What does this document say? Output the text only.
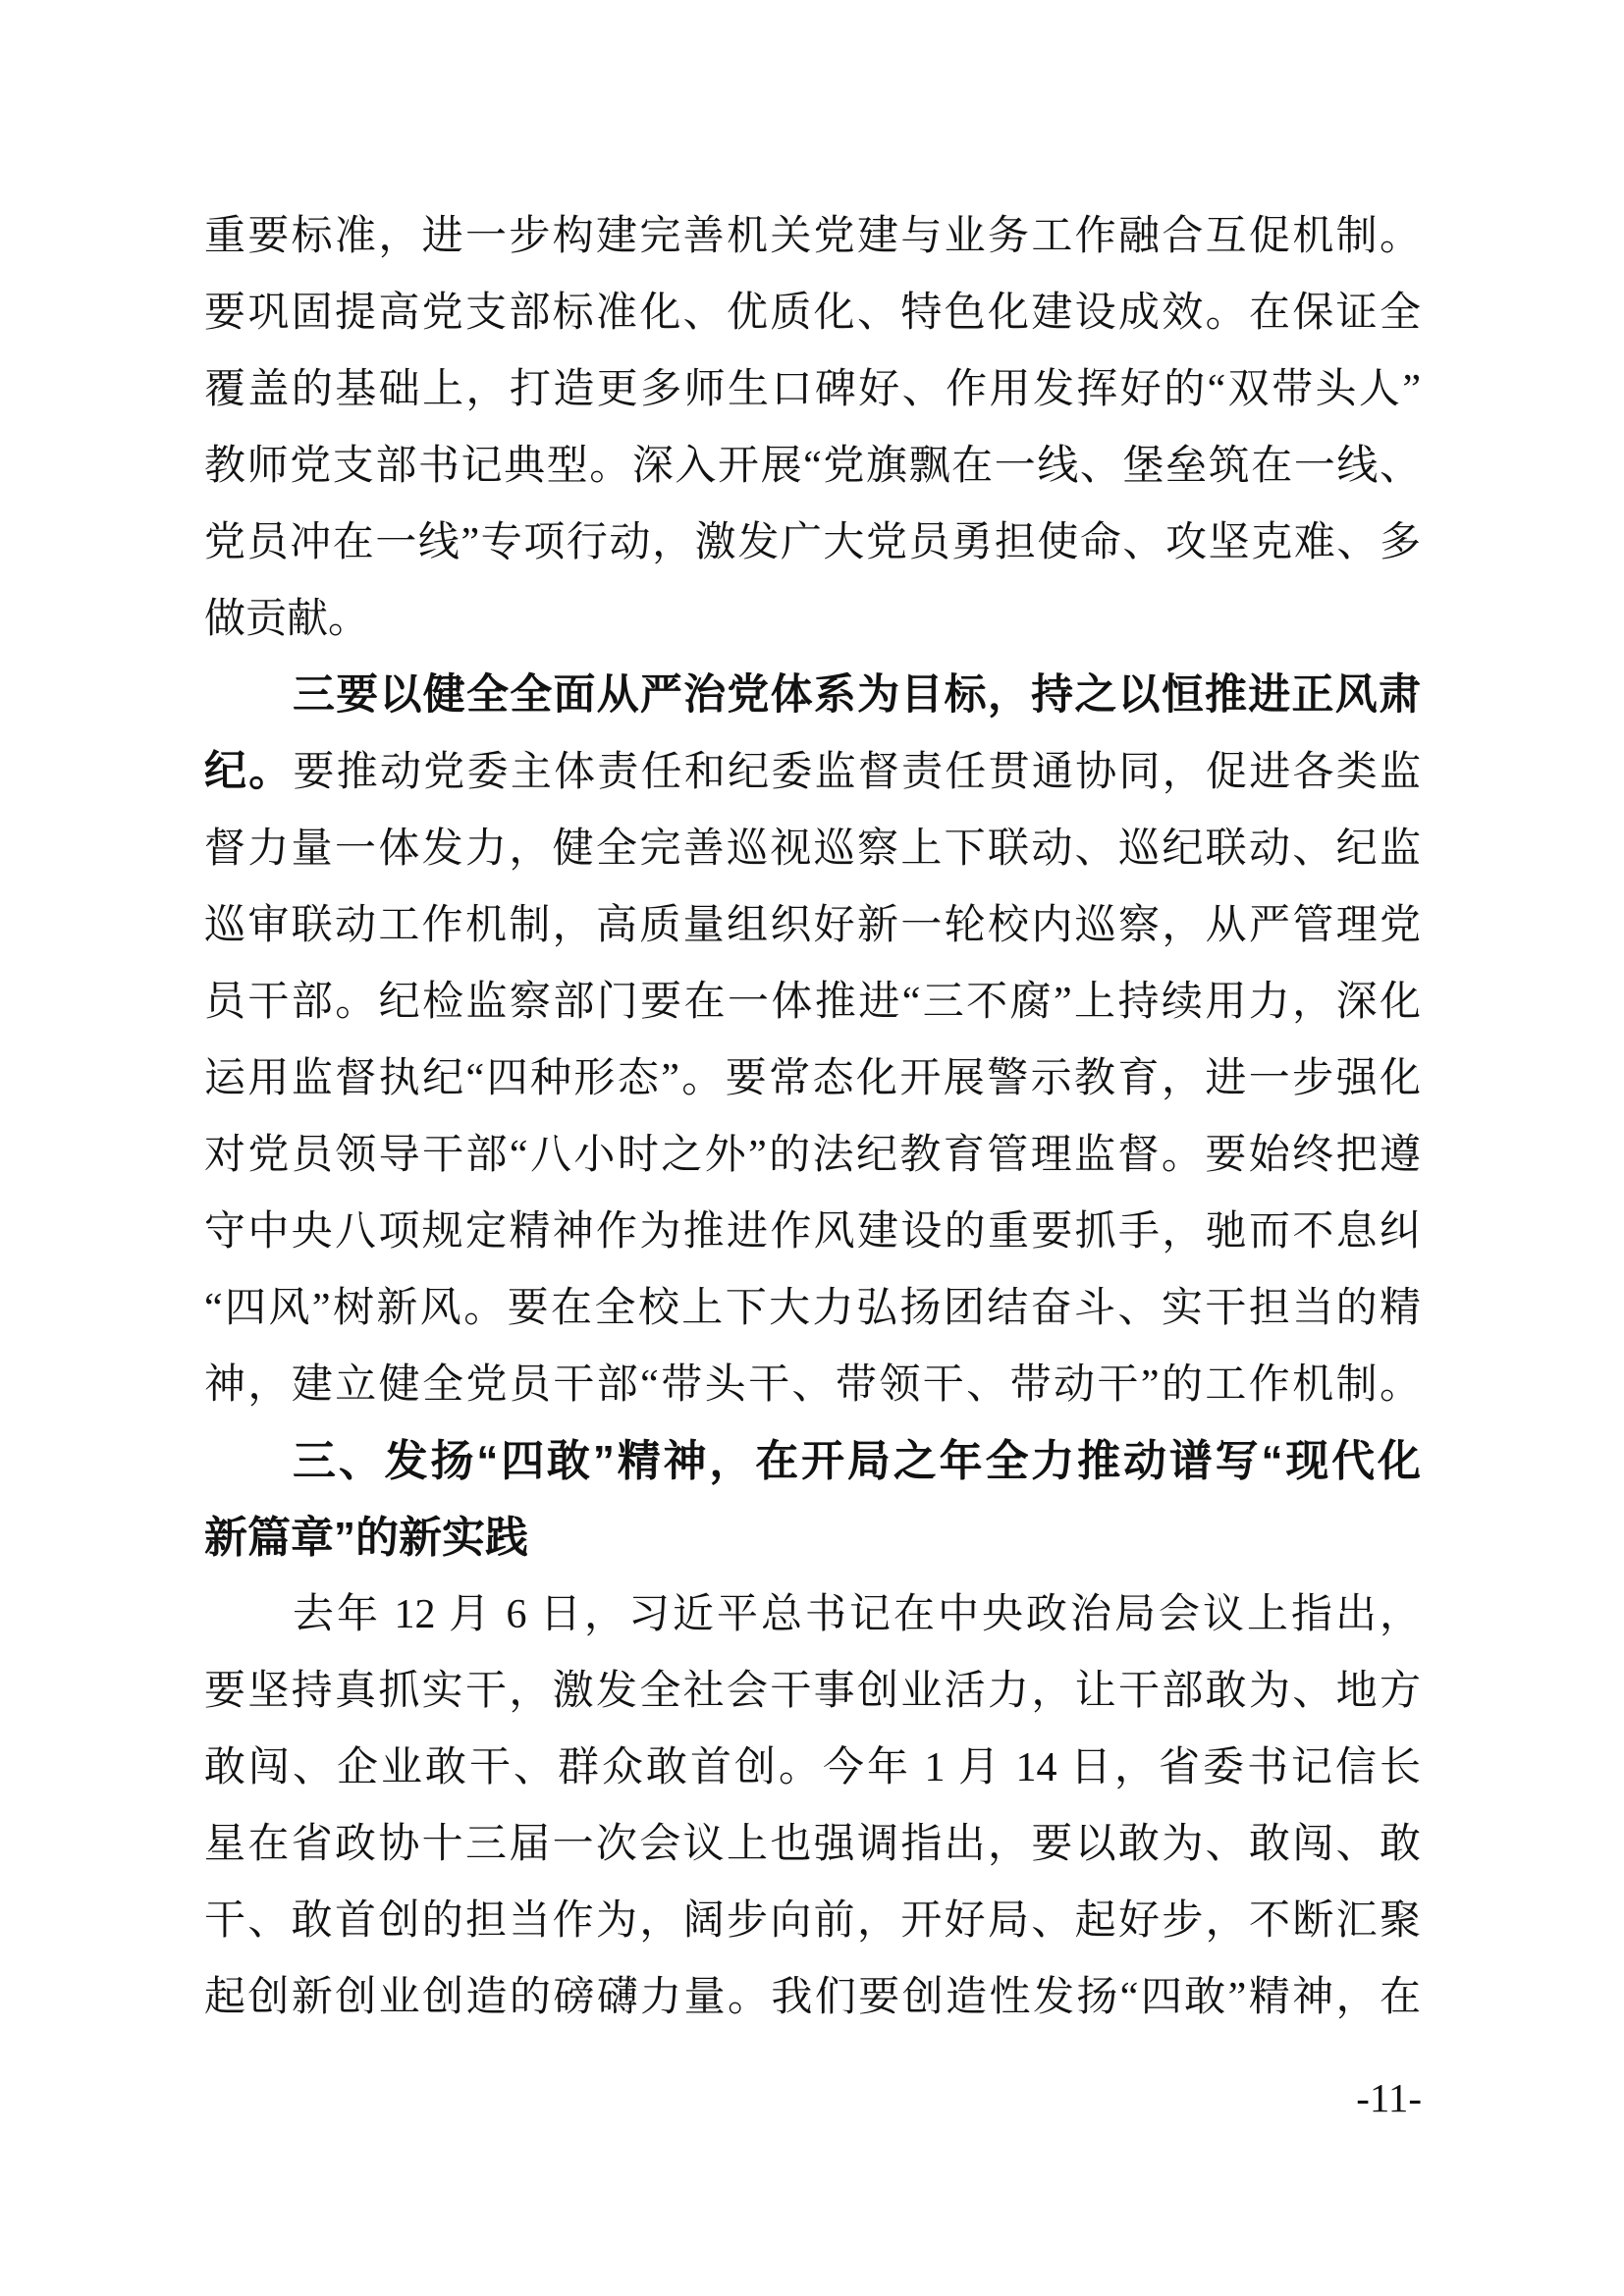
重要标准，进一步构建完善机关党建与业务工作融合互促机制。
要巩固提高党支部标准化、优质化、特色化建设成效。在保证全
覆盖的基础上，打造更多师生口碑好、作用发挥好的“双带头人”
教师党支部书记典型。深入开展“党旗飘在一线、堡垒筑在一线、
党员冲在一线”专项行动，激发广大党员勇担使命、攻坚克难、多
做贡献。
三要以健全全面从严治党体系为目标，持之以恒推进正风肃
纪。要推动党委主体责任和纪委监督责任贯通协同，促进各类监
督力量一体发力，健全完善巡视巡察上下联动、巡纪联动、纪监
巡审联动工作机制，高质量组织好新一轮校内巡察，从严管理党
员干部。纪检监察部门要在一体推进“三不腐”上持续用力，深化
运用监督执纪“四种形态”。要常态化开展警示教育，进一步强化
对党员领导干部“八小时之外”的法纪教育管理监督。要始终把遵
守中央八项规定精神作为推进作风建设的重要抓手，驰而不息纠
“四风”树新风。要在全校上下大力弘扬团结奋斗、实干担当的精
神，建立健全党员干部“带头干、带领干、带动干”的工作机制。
三、发扬“四敢”精神，在开局之年全力推动谱写“现代化
新篇章”的新实践
去年 12 月 6 日，习近平总书记在中央政治局会议上指出，
要坚持真抓实干，激发全社会干事创业活力，让干部敢为、地方
敢闯、企业敢干、群众敢首创。今年 1 月 14 日，省委书记信长
星在省政协十三届一次会议上也强调指出，要以敢为、敢闯、敢
干、敢首创的担当作为，阔步向前，开好局、起好步，不断汇聚
起创新创业创造的磅礴力量。我们要创造性发扬“四敢”精神，在
-11-
